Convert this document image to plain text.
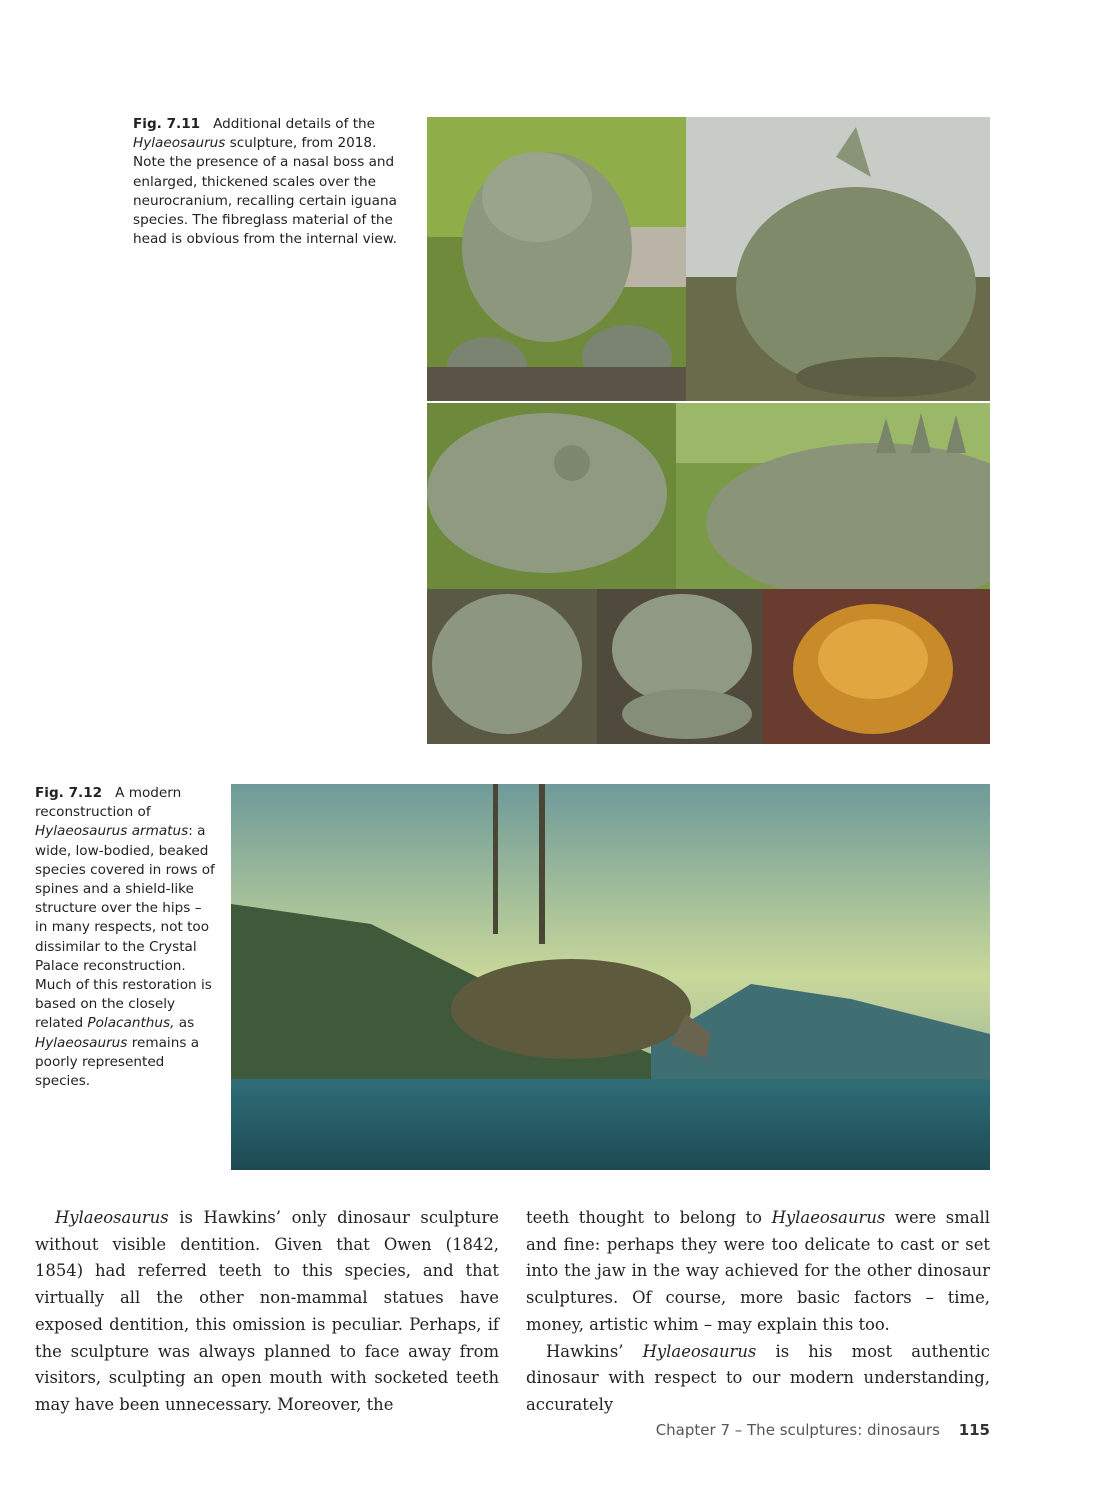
Fig. 7.11 Additional details of the Hylaeosaurus sculpture, from 2018. Note the presence of a nasal boss and enlarged, thickened scales over the neurocranium, recalling certain iguana species. The fibreglass material of the head is obvious from the internal view.
Fig. 7.12 A modern reconstruction of Hylaeosaurus armatus: a wide, low-bodied, beaked species covered in rows of spines and a shield-like structure over the hips – in many respects, not too dissimilar to the Crystal Palace reconstruction. Much of this restoration is based on the closely related Polacanthus, as Hylaeosaurus remains a poorly represented species.

Hylaeosaurus is Hawkins’ only dinosaur sculpture without visible dentition. Given that Owen (1842, 1854) had referred teeth to this species, and that virtually all the other non-mammal statues have exposed dentition, this omission is peculiar. Perhaps, if the sculpture was always planned to face away from visitors, sculpting an open mouth with socketed teeth may have been unnecessary. Moreover, the

teeth thought to belong to Hylaeosaurus were small and fine: perhaps they were too delicate to cast or set into the jaw in the way achieved for the other dinosaur sculptures. Of course, more basic factors – time, money, artistic whim – may explain this too.

Hawkins’ Hylaeosaurus is his most authentic dinosaur with respect to our modern understanding, accurately

Chapter 7 – The sculptures: dinosaurs 115
